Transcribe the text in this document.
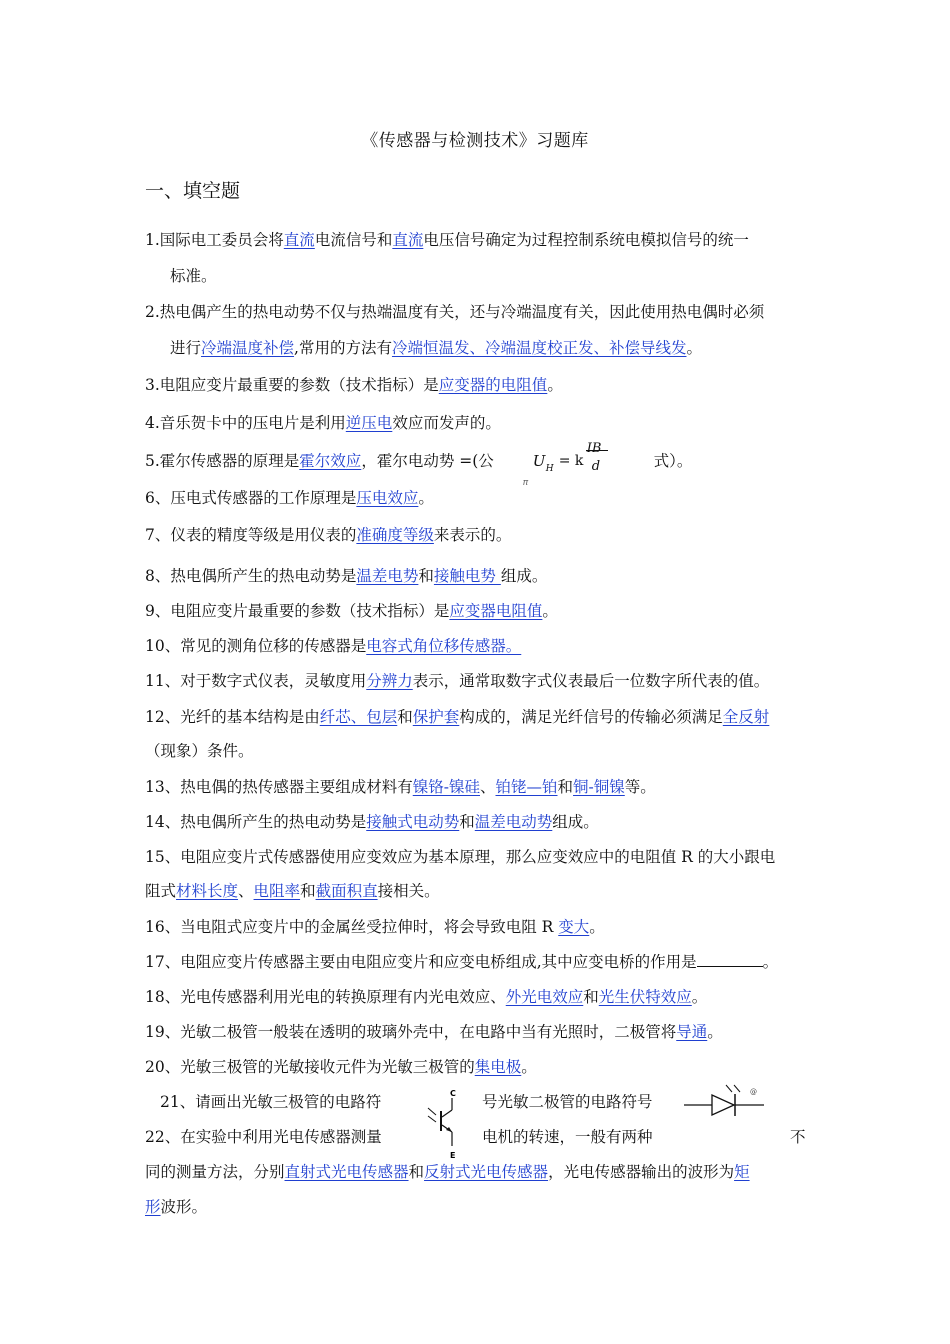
《传感器与检测技术》习题库
一、填空题
1.国际电工委员会将直流电流信号和直流电压信号确定为过程控制系统电模拟信号的统一
标准。
2.热电偶产生的热电动势不仅与热端温度有关，还与冷端温度有关，因此使用热电偶时必须
进行冷端温度补偿,常用的方法有冷端恒温发、冷端温度校正发、补偿导线发。
3.电阻应变片最重要的参数（技术指标）是应变器的电阻值。
4.音乐贺卡中的压电片是利用逆压电效应而发声的。
5.霍尔传感器的原理是霍尔效应，霍尔电动势 =(公
π
U H = k
IB
d	式）。
6、压电式传感器的工作原理是压电效应。
7、仪表的精度等级是用仪表的准确度等级来表示的。
8、热电偶所产生的热电动势是温差电势和接触电势 组成。
9、电阻应变片最重要的参数（技术指标）是应变器电阻值。
10、常见的测角位移的传感器是电容式角位移传感器。
11、对于数字式仪表，灵敏度用分辨力表示，通常取数字式仪表最后一位数字所代表的值。
12、光纤的基本结构是由纤芯、包层和保护套构成的，满足光纤信号的传输必须满足全反射
（现象）条件。
13、热电偶的热传感器主要组成材料有镍铬-镍硅、铂铑—铂和铜-铜镍等。
14、热电偶所产生的热电动势是接触式电动势和温差电动势组成。
15、电阻应变片式传感器使用应变效应为基本原理，那么应变效应中的电阻值 R 的大小跟电
阻式材料长度、电阻率和截面积直接相关。
16、当电阻式应变片中的金属丝受拉伸时，将会导致电阻 R 变大。
17、电阻应变片传感器主要由电阻应变片和应变电桥组成,其中应变电桥的作用是	。
18、光电传感器利用光电的转换原理有内光电效应、外光电效应和光生伏特效应。
19、光敏二极管一般装在透明的玻璃外壳中，在电路中当有光照时，二极管将导通。
20、光敏三极管的光敏接收元件为光敏三极管的集电极。
21、请画出光敏三极管的电路符	号光敏二极管的电路符号
C
E
@
22、在实验中利用光电传感器测量	电机的转速，一般有两种	不
同的测量方法，分别直射式光电传感器和反射式光电传感器，光电传感器输出的波形为矩
形波形。
